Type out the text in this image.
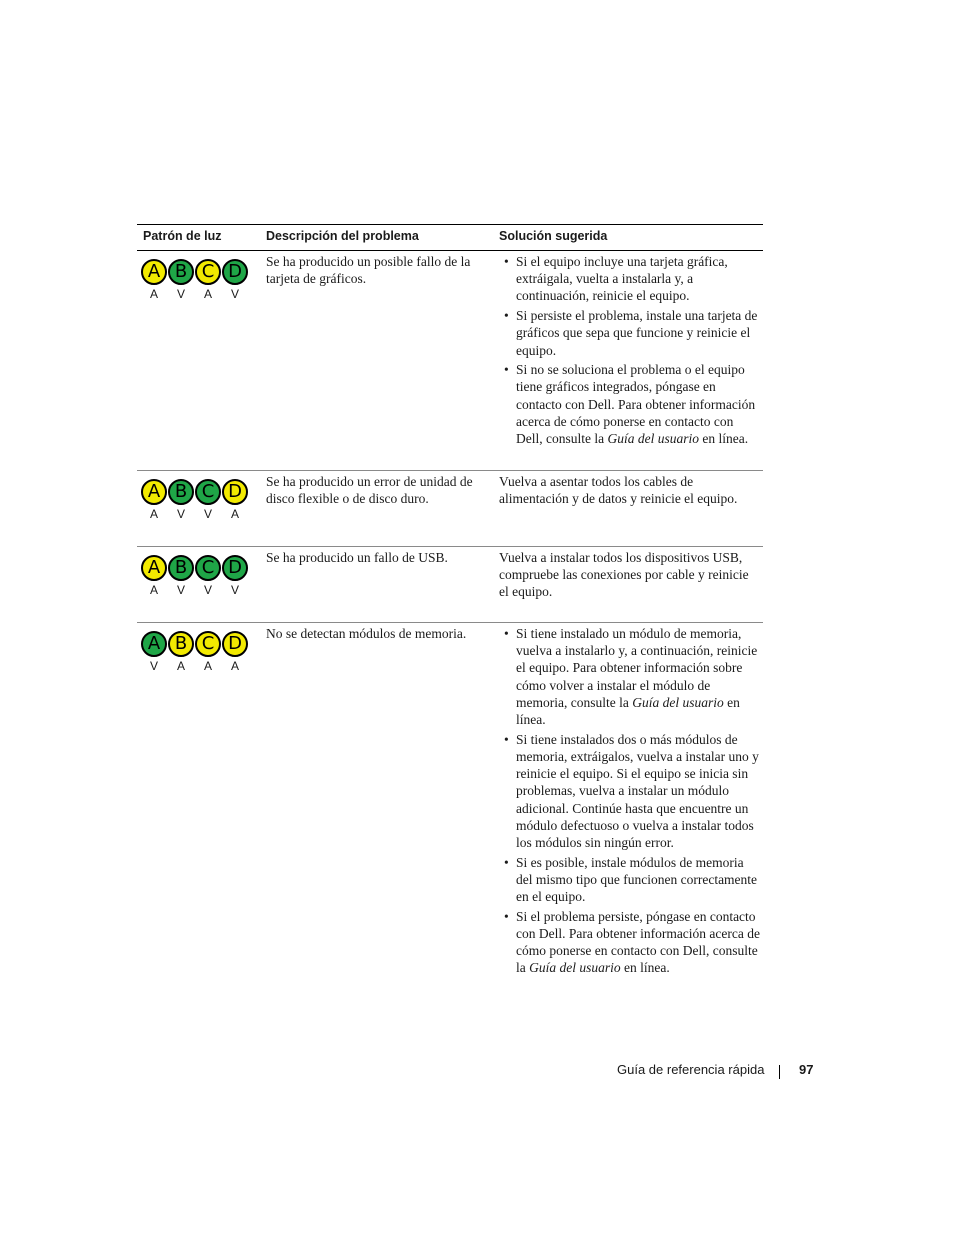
Patrón de luz	Descripción del problema	Solución sugerida
A B C D
A	V	A	V
Se ha producido un posible fallo de la tarjeta de gráficos.
• Si el equipo incluye una tarjeta gráfica, extráigala, vuelta a instalarla y, a continuación, reinicie el equipo.
• Si persiste el problema, instale una tarjeta de gráficos que sepa que funcione y reinicie el equipo.
• Si no se soluciona el problema o el equipo tiene gráficos integrados, póngase en contacto con Dell. Para obtener información acerca de cómo ponerse en contacto con Dell, consulte la Guía del usuario en línea.
A B C D
A	V	V	A
Se ha producido un error de unidad de disco flexible o de disco duro.

Vuelva a asentar todos los cables de alimentación y de datos y reinicie el equipo.

A B C D
A	V	V	V
Se ha producido un fallo de USB.	Vuelva a instalar todos los dispositivos USB, compruebe las conexiones por cable y reinicie el equipo.

A B C D
V	A	A	A
No se detectan módulos de memoria.
•	Si tiene instalado un módulo de memoria, vuelva a instalarlo y, a continuación, reinicie el equipo. Para obtener información sobre cómo volver a instalar el módulo de memoria, consulte la Guía del usuario en línea.
• Si tiene instalados dos o más módulos de memoria, extráigalos, vuelva a instalar uno y reinicie el equipo. Si el equipo se inicia sin problemas, vuelva a instalar un módulo adicional. Continúe hasta que encuentre un módulo defectuoso o vuelva a instalar todos los módulos sin ningún error.
• Si es posible, instale módulos de memoria del mismo tipo que funcionen correctamente en el equipo.
• Si el problema persiste, póngase en contacto con Dell. Para obtener información acerca de cómo ponerse en contacto con Dell, consulte la Guía del usuario en línea.
Guía de referencia rápida	97
